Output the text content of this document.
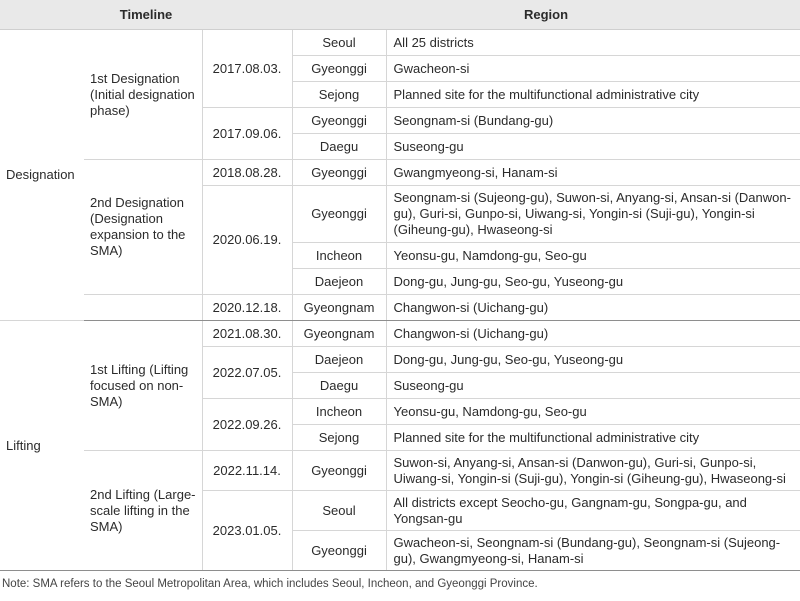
Timeline			Region	
Designation	1st Designation (Initial designation phase)	2017.08.03.	Seoul	All 25 districts
			Gyeonggi	Gwacheon-si
			Sejong	Planned site for the multifunctional administrative city
		2017.09.06.	Gyeonggi	Seongnam-si (Bundang-gu)
			Daegu	Suseong-gu
	2nd Designation (Designation expansion to the SMA)	2018.08.28.	Gyeonggi	Gwangmyeong-si, Hanam-si
		2020.06.19.	Gyeonggi	Seongnam-si (Sujeong-gu), Suwon-si, Anyang-si, Ansan-si (Danwon-gu), Guri-si, Gunpo-si, Uiwang-si, Yongin-si (Suji-gu), Yongin-si (Giheung-gu), Hwaseong-si
			Incheon	Yeonsu-gu, Namdong-gu, Seo-gu
			Daejeon	Dong-gu, Jung-gu, Seo-gu, Yuseong-gu
		2020.12.18.	Gyeongnam	Changwon-si (Uichang-gu)
Lifting	1st Lifting (Lifting focused on non-SMA)	2021.08.30.	Gyeongnam	Changwon-si (Uichang-gu)
		2022.07.05.	Daejeon	Dong-gu, Jung-gu, Seo-gu, Yuseong-gu
			Daegu	Suseong-gu
		2022.09.26.	Incheon	Yeonsu-gu, Namdong-gu, Seo-gu
			Sejong	Planned site for the multifunctional administrative city
	2nd Lifting (Large-scale lifting in the SMA)	2022.11.14.	Gyeonggi	Suwon-si, Anyang-si, Ansan-si (Danwon-gu), Guri-si, Gunpo-si, Uiwang-si, Yongin-si (Suji-gu), Yongin-si (Giheung-gu), Hwaseong-si
		2023.01.05.	Seoul	All districts except Seocho-gu, Gangnam-gu, Songpa-gu, and Yongsan-gu
			Gyeonggi	Gwacheon-si, Seongnam-si (Bundang-gu), Seongnam-si (Sujeong-gu), Gwangmyeong-si, Hanam-si
Note: SMA refers to the Seoul Metropolitan Area, which includes Seoul, Incheon, and Gyeonggi Province.
